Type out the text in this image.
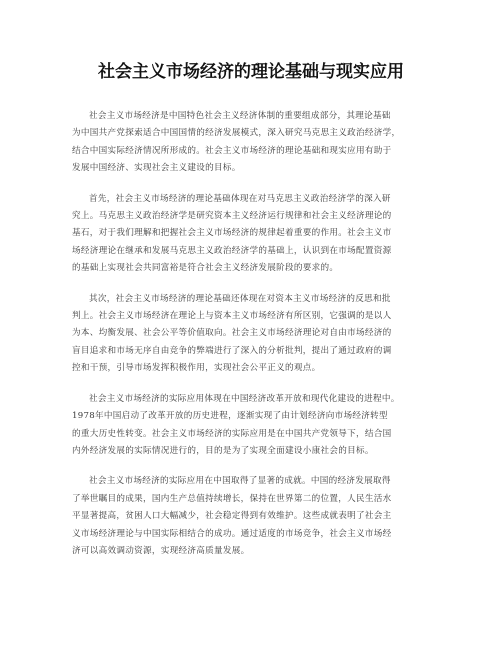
社会主义市场经济的理论基础与现实应用
社会主义市场经济是中国特色社会主义经济体制的重要组成部分，其理论基础
为中国共产党探索适合中国国情的经济发展模式，深入研究马克思主义政治经济学，
结合中国实际经济情况所形成的。社会主义市场经济的理论基础和现实应用有助于
发展中国经济、实现社会主义建设的目标。
首先，社会主义市场经济的理论基础体现在对马克思主义政治经济学的深入研
究上。马克思主义政治经济学是研究资本主义经济运行规律和社会主义经济理论的
基石，对于我们理解和把握社会主义市场经济的规律起着重要的作用。社会主义市
场经济理论在继承和发展马克思主义政治经济学的基础上，认识到在市场配置资源
的基础上实现社会共同富裕是符合社会主义经济发展阶段的要求的。
其次，社会主义市场经济的理论基础还体现在对资本主义市场经济的反思和批
判上。社会主义市场经济在理论上与资本主义市场经济有所区别，它强调的是以人
为本、均衡发展、社会公平等价值取向。社会主义市场经济理论对自由市场经济的
盲目追求和市场无序自由竞争的弊端进行了深入的分析批判，提出了通过政府的调
控和干预，引导市场发挥积极作用，实现社会公平正义的观点。
社会主义市场经济的实际应用体现在中国经济改革开放和现代化建设的进程中。
1978年中国启动了改革开放的历史进程，逐渐实现了由计划经济向市场经济转型
的重大历史性转变。社会主义市场经济的实际应用是在中国共产党领导下，结合国
内外经济发展的实际情况进行的，目的是为了实现全面建设小康社会的目标。
社会主义市场经济的实际应用在中国取得了显著的成就。中国的经济发展取得
了举世瞩目的成果，国内生产总值持续增长，保持在世界第二的位置，人民生活水
平显著提高，贫困人口大幅减少，社会稳定得到有效维护。这些成就表明了社会主
义市场经济理论与中国实际相结合的成功。通过适度的市场竞争，社会主义市场经
济可以高效调动资源，实现经济高质量发展。
